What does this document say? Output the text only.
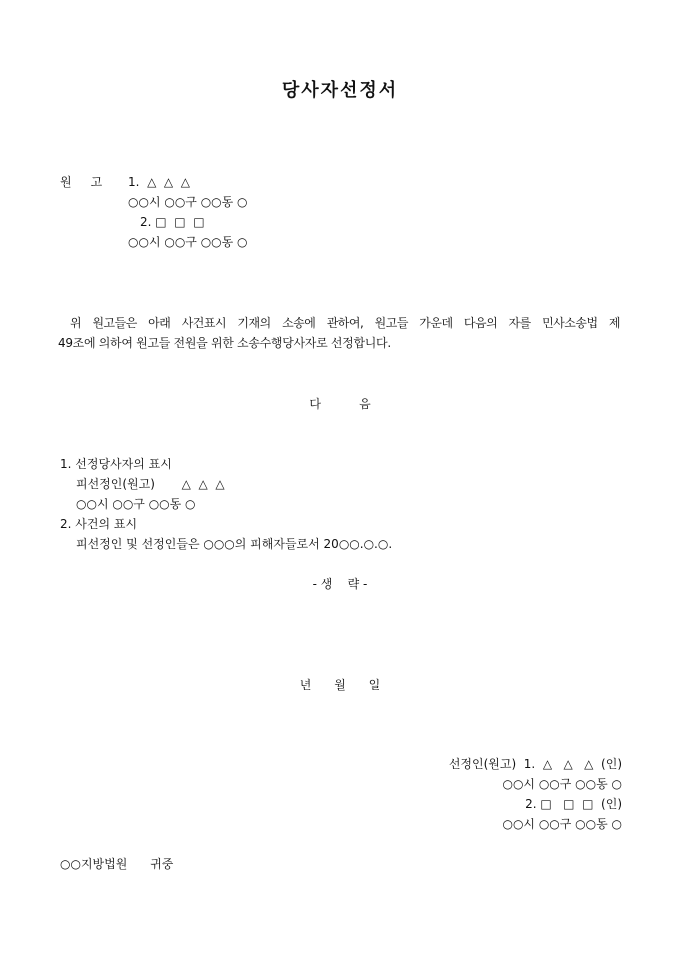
당사자선정서
원     고 1.  △  △  △
○○시 ○○구 ○○동 ○
2. □  □  □
○○시 ○○구 ○○동 ○
위 원고들은 아래 사건표시 기재의 소송에 관하여, 원고들 가운데 다음의 자를 민사소송법 제
49조에 의하여 원고들 전원을 위한 소송수행당사자로 선정합니다.
다          음
1. 선정당사자의 표시
피선정인(원고)       △  △  △
○○시 ○○구 ○○동 ○
2. 사건의 표시
피선정인 및 선정인들은 ○○○의 피해자들로서 20○○.○.○.
- 생    략 -
년      월      일
선정인(원고)  1.  △   △   △  (인)
○○시 ○○구 ○○동 ○
2. □   □  □  (인)
○○시 ○○구 ○○동 ○
○○지방법원      귀중
